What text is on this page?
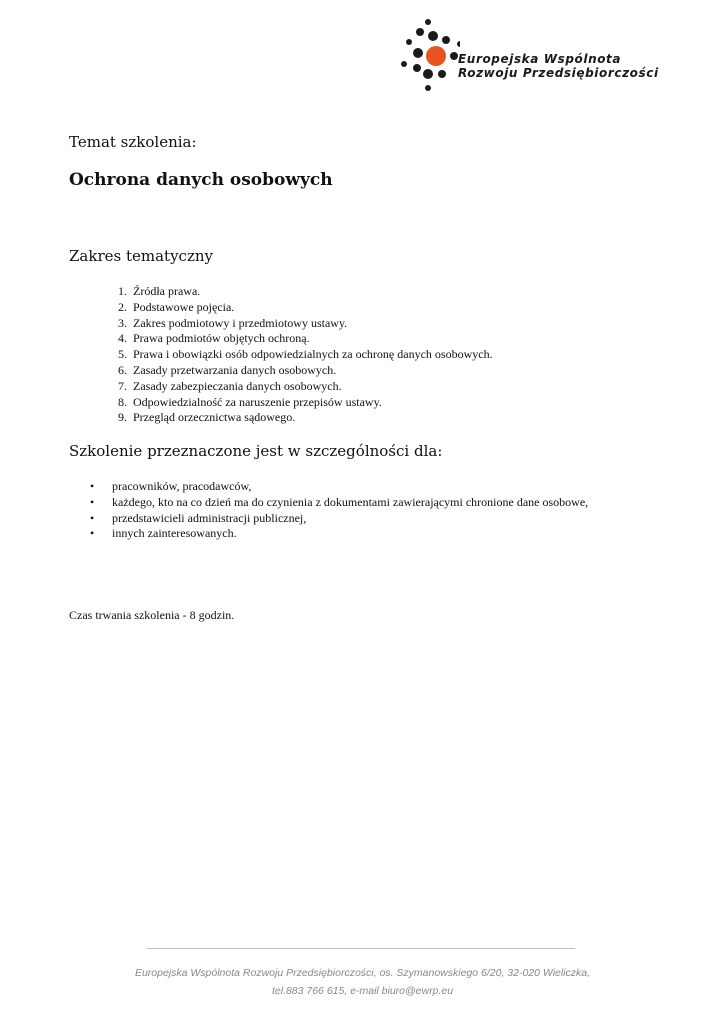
Europejska Wspólnota
Rozwoju Przedsiębiorczości
Temat szkolenia:
Ochrona danych osobowych
Zakres tematyczny
1. Źródła prawa.
2. Podstawowe pojęcia.
3. Zakres podmiotowy i przedmiotowy ustawy.
4. Prawa podmiotów objętych ochroną.
5. Prawa i obowiązki osób odpowiedzialnych za ochronę danych osobowych.
6. Zasady przetwarzania danych osobowych.
7. Zasady zabezpieczania danych osobowych.
8. Odpowiedzialność za naruszenie przepisów ustawy.
9. Przegląd orzecznictwa sądowego.
Szkolenie przeznaczone jest w szczególności dla:
• pracowników, pracodawców,
• każdego, kto na co dzień ma do czynienia z dokumentami zawierającymi chronione dane osobowe,
• przedstawicieli administracji publicznej,
• innych zainteresowanych.
Czas trwania szkolenia - 8 godzin.
Europejska Wspólnota Rozwoju Przedsiębiorczości, os. Szymanowskiego 6/20, 32-020 Wieliczka,
tel.883 766 615, e-mail biuro@ewrp.eu
